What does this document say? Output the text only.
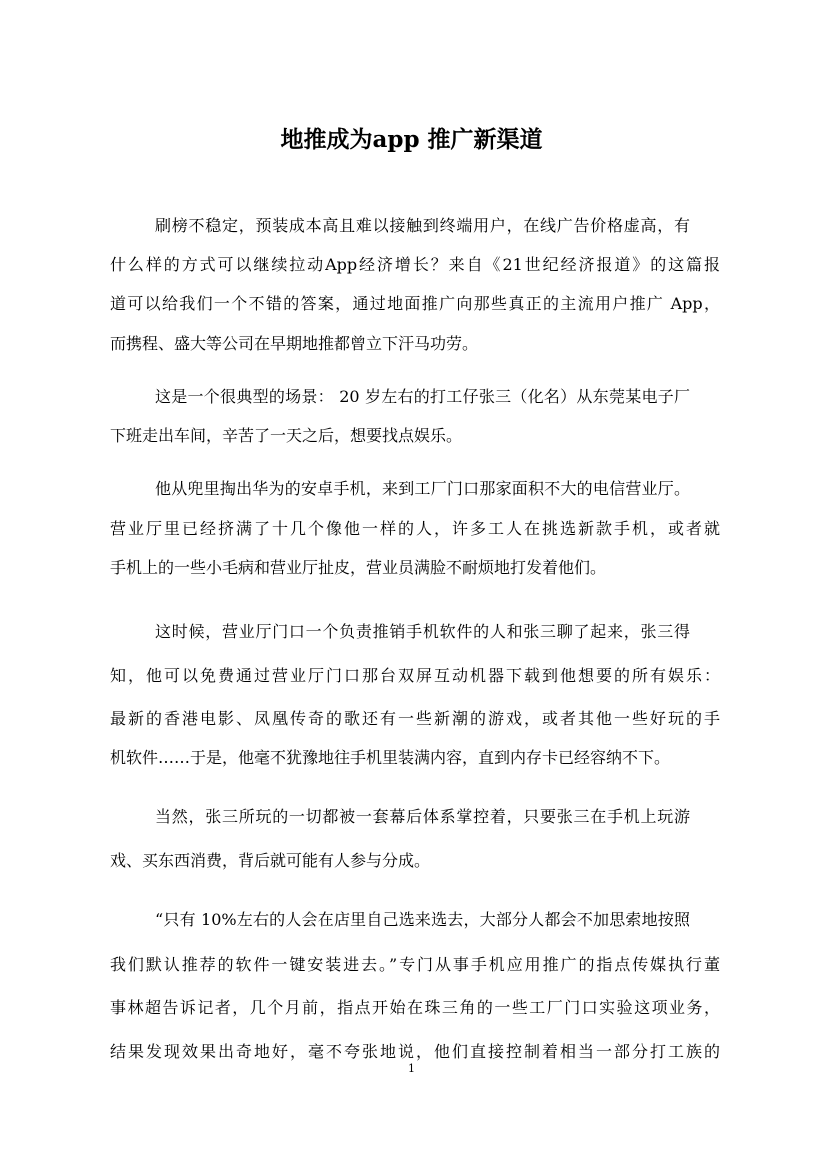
地推成为app 推广新渠道

刷榜不稳定，预装成本高且难以接触到终端用户，在线广告价格虚高，有

什么样的方式可以继续拉动App经济增长？来自《21世纪经济报道》的这篇报

道可以给我们一个不错的答案，通过地面推广向那些真正的主流用户推广 App，

而携程、盛大等公司在早期地推都曾立下汗马功劳。

这是一个很典型的场景： 20 岁左右的打工仔张三（化名）从东莞某电子厂

下班走出车间，辛苦了一天之后，想要找点娱乐。

他从兜里掏出华为的安卓手机，来到工厂门口那家面积不大的电信营业厅。

营业厅里已经挤满了十几个像他一样的人，许多工人在挑选新款手机，或者就

手机上的一些小毛病和营业厅扯皮，营业员满脸不耐烦地打发着他们。

这时候，营业厅门口一个负责推销手机软件的人和张三聊了起来，张三得

知，他可以免费通过营业厅门口那台双屏互动机器下载到他想要的所有娱乐：

最新的香港电影、凤凰传奇的歌还有一些新潮的游戏，或者其他一些好玩的手

机软件……于是，他毫不犹豫地往手机里装满内容，直到内存卡已经容纳不下。

当然，张三所玩的一切都被一套幕后体系掌控着，只要张三在手机上玩游

戏、买东西消费，背后就可能有人参与分成。

“只有 10%左右的人会在店里自己选来选去，大部分人都会不加思索地按照

我们默认推荐的软件一键安装进去。”专门从事手机应用推广的指点传媒执行董

事林超告诉记者，几个月前，指点开始在珠三角的一些工厂门口实验这项业务，

结果发现效果出奇地好，毫不夸张地说，他们直接控制着相当一部分打工族的

1
